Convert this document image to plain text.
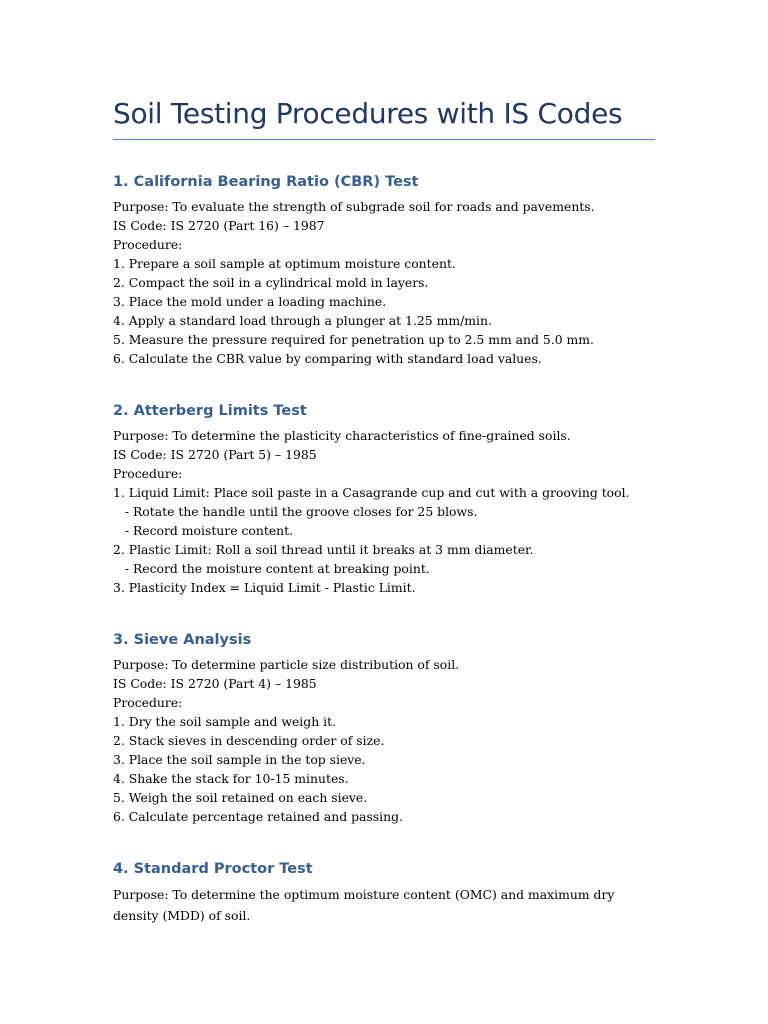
Soil Testing Procedures with IS Codes
1. California Bearing Ratio (CBR) Test
Purpose: To evaluate the strength of subgrade soil for roads and pavements.
IS Code: IS 2720 (Part 16) – 1987
Procedure:
1. Prepare a soil sample at optimum moisture content.
2. Compact the soil in a cylindrical mold in layers.
3. Place the mold under a loading machine.
4. Apply a standard load through a plunger at 1.25 mm/min.
5. Measure the pressure required for penetration up to 2.5 mm and 5.0 mm.
6. Calculate the CBR value by comparing with standard load values.
2. Atterberg Limits Test
Purpose: To determine the plasticity characteristics of fine-grained soils.
IS Code: IS 2720 (Part 5) – 1985
Procedure:
1. Liquid Limit: Place soil paste in a Casagrande cup and cut with a grooving tool.
- Rotate the handle until the groove closes for 25 blows.
- Record moisture content.
2. Plastic Limit: Roll a soil thread until it breaks at 3 mm diameter.
- Record the moisture content at breaking point.
3. Plasticity Index = Liquid Limit - Plastic Limit.
3. Sieve Analysis
Purpose: To determine particle size distribution of soil.
IS Code: IS 2720 (Part 4) – 1985
Procedure:
1. Dry the soil sample and weigh it.
2. Stack sieves in descending order of size.
3. Place the soil sample in the top sieve.
4. Shake the stack for 10-15 minutes.
5. Weigh the soil retained on each sieve.
6. Calculate percentage retained and passing.
4. Standard Proctor Test
Purpose: To determine the optimum moisture content (OMC) and maximum dry density (MDD) of soil.
